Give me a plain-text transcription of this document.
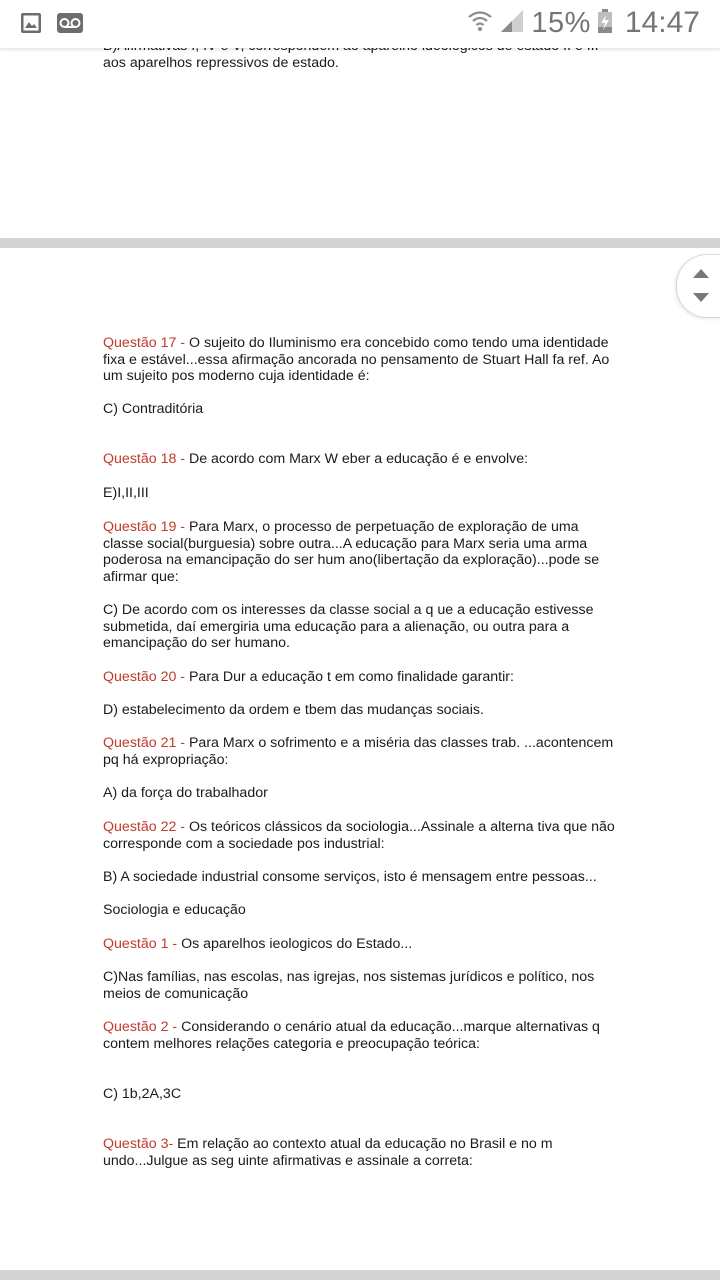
aos aparelhos repressivos de estado.

15% 14:47

Questão 17 - O sujeito do Iluminismo era concebido como tendo uma identidade fixa e estável...essa afirmação ancorada no pensamento de Stuart Hall fa ref. Ao um sujeito pos moderno cuja identidade é:

C) Contraditória

Questão 18 - De acordo com Marx W eber a educação é e envolve:

E)I,II,III

Questão 19 - Para Marx, o processo de perpetuação de exploração de uma classe social(burguesia) sobre outra...A educação para Marx seria uma arma poderosa na emancipação do ser hum ano(libertação da exploração)...pode se afirmar que:

C) De acordo com os interesses da classe social a q ue a educação estivesse submetida, daí emergiria uma educação para a alienação, ou outra para a emancipação do ser humano.

Questão 20 - Para Dur a educação t em como finalidade garantir:

D) estabelecimento da ordem e tbem das mudanças sociais.

Questão 21 - Para Marx o sofrimento e a miséria das classes trab. ...acontencem pq há expropriação:

A) da força do trabalhador

Questão 22 - Os teóricos clássicos da sociologia...Assinale a alterna tiva que não corresponde com a sociedade pos industrial:

B) A sociedade industrial consome serviços, isto é mensagem entre pessoas...

Sociologia e educação

Questão 1 - Os aparelhos ieologicos do Estado...

C)Nas famílias, nas escolas, nas igrejas, nos sistemas jurídicos e político, nos meios de comunicação

Questão 2 - Considerando o cenário atual da educação...marque alternativas q contem melhores relações categoria e preocupação teórica:

C) 1b,2A,3C

Questão 3- Em relação ao contexto atual da educação no Brasil e no m undo...Julgue as seg uinte afirmativas e assinale a correta:
